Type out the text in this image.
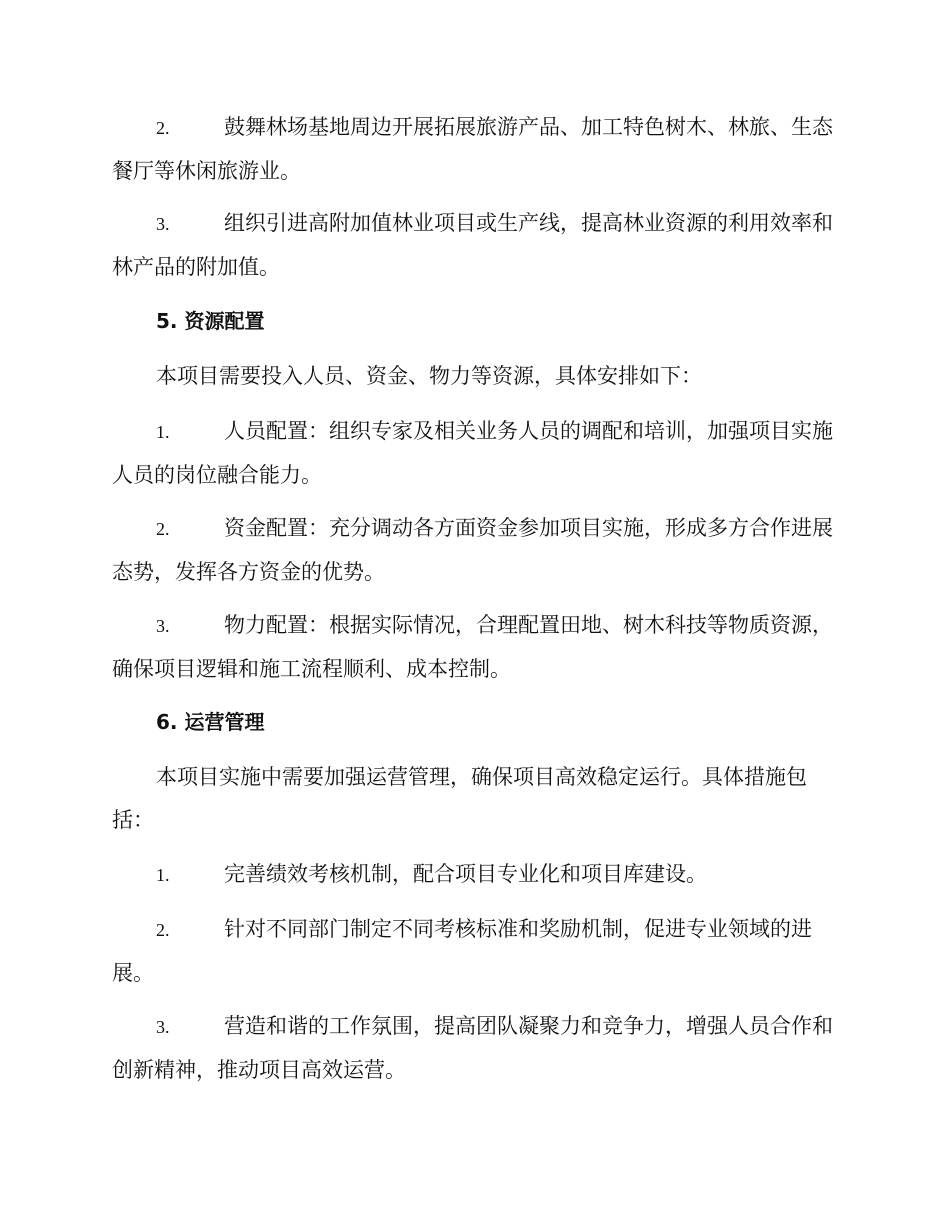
2.	鼓舞林场基地周边开展拓展旅游产品、加工特色树木、林旅、生态餐厅等休闲旅游业。
3.	组织引进高附加值林业项目或生产线，提高林业资源的利用效率和林产品的附加值。
5. 资源配置
本项目需要投入人员、资金、物力等资源，具体安排如下：
1.	人员配置：组织专家及相关业务人员的调配和培训，加强项目实施人员的岗位融合能力。
2.	资金配置：充分调动各方面资金参加项目实施，形成多方合作进展态势，发挥各方资金的优势。
3.	物力配置：根据实际情况，合理配置田地、树木科技等物质资源，确保项目逻辑和施工流程顺利、成本控制。
6. 运营管理
本项目实施中需要加强运营管理，确保项目高效稳定运行。具体措施包括：
1.	完善绩效考核机制，配合项目专业化和项目库建设。
2.	针对不同部门制定不同考核标准和奖励机制，促进专业领域的进展。
3.	营造和谐的工作氛围，提高团队凝聚力和竞争力，增强人员合作和创新精神，推动项目高效运营。
